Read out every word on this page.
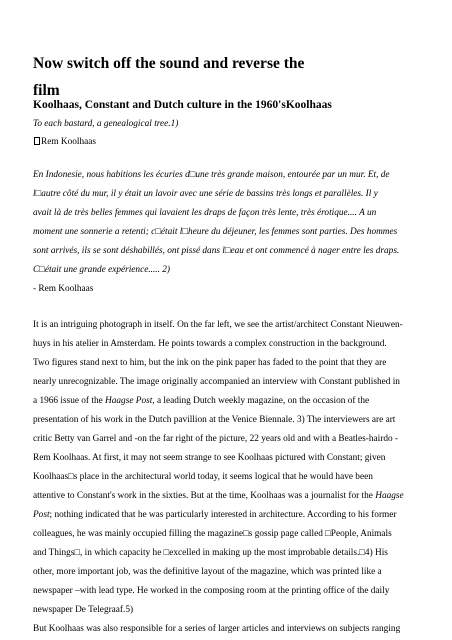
Now switch off the sound and reverse the film
Koolhaas, Constant and Dutch culture in the 1960'sKoolhaas
To each bastard, a genealogical tree.1)
Rem Koolhaas
En Indonesie, nous habitions les écuries d□une très grande maison, entourée par un mur. Et, de
l□autre côté du mur, il y était un lavoir avec une série de bassins très longs et parallèles. Il y
avait là de très belles femmes qui lavaient les draps de façon très lente, très érotique.... A un
moment une sonnerie a retenti; c□était l□heure du déjeuner, les femmes sont parties. Des hommes
sont arrivés, ils se sont déshabillés, ont pissé dans l□eau et ont commencé à nager entre les draps.
C□était une grande expérience..... 2)
- Rem Koolhaas
It is an intriguing photograph in itself. On the far left, we see the artist/architect Constant Nieuwen-
huys in his atelier in Amsterdam. He points towards a complex construction in the background.
Two figures stand next to him, but the ink on the pink paper has faded to the point that they are
nearly unrecognizable. The image originally accompanied an interview with Constant published in
a 1966 issue of the Haagse Post, a leading Dutch weekly magazine, on the occasion of the
presentation of his work in the Dutch pavillion at the Venice Biennale. 3) The interviewers are art
critic Betty van Garrel and -on the far right of the picture, 22 years old and with a Beatles-hairdo -
Rem Koolhaas. At first, it may not seem strange to see Koolhaas pictured with Constant; given
Koolhaas□s place in the architectural world today, it seems logical that he would have been
attentive to Constant's work in the sixties. But at the time, Koolhaas was a journalist for the Haagse
Post; nothing indicated that he was particularly interested in architecture. According to his former
colleagues, he was mainly occupied filling the magazine□s gossip page called □People, Animals
and Things□, in which capacity he □excelled in making up the most improbable details.□4) His
other, more important job, was the definitive layout of the magazine, which was printed like a
newspaper –with lead type. He worked in the composing room at the printing office of the daily
newspaper De Telegraaf.5)
But Koolhaas was also responsible for a series of larger articles and interviews on subjects ranging
